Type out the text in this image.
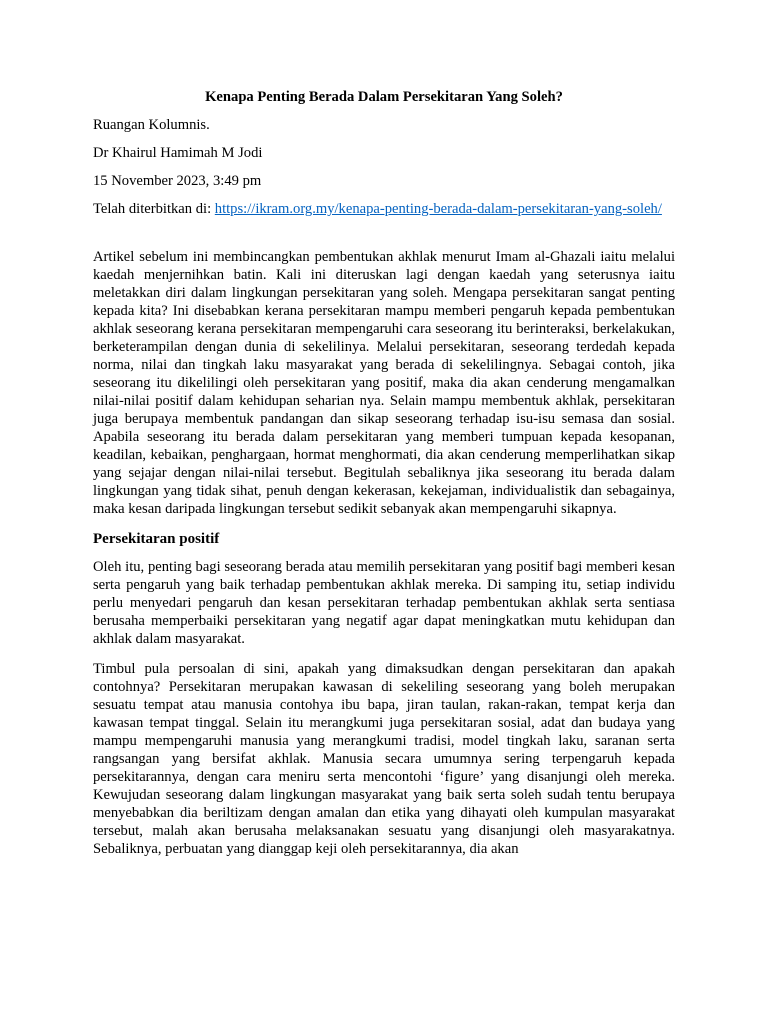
Kenapa Penting Berada Dalam Persekitaran Yang Soleh?
Ruangan Kolumnis.
Dr Khairul Hamimah M Jodi
15 November 2023, 3:49 pm
Telah diterbitkan di: https://ikram.org.my/kenapa-penting-berada-dalam-persekitaran-yang-soleh/

Artikel sebelum ini membincangkan pembentukan akhlak menurut Imam al-Ghazali iaitu melalui kaedah menjernihkan batin. Kali ini diteruskan lagi dengan kaedah yang seterusnya iaitu meletakkan diri dalam lingkungan persekitaran yang soleh. Mengapa persekitaran sangat penting kepada kita? Ini disebabkan kerana persekitaran mampu memberi pengaruh kepada pembentukan akhlak seseorang kerana persekitaran mempengaruhi cara seseorang itu berinteraksi, berkelakukan, berketerampilan dengan dunia di sekelilinya. Melalui persekitaran, seseorang terdedah kepada norma, nilai dan tingkah laku masyarakat yang berada di sekelilingnya. Sebagai contoh, jika seseorang itu dikelilingi oleh persekitaran yang positif, maka dia akan cenderung mengamalkan nilai-nilai positif dalam kehidupan seharian nya. Selain mampu membentuk akhlak, persekitaran juga berupaya membentuk pandangan dan sikap seseorang terhadap isu-isu semasa dan sosial. Apabila seseorang itu berada dalam persekitaran yang memberi tumpuan kepada kesopanan, keadilan, kebaikan, penghargaan, hormat menghormati, dia akan cenderung memperlihatkan sikap yang sejajar dengan nilai-nilai tersebut. Begitulah sebaliknya jika seseorang itu berada dalam lingkungan yang tidak sihat, penuh dengan kekerasan, kekejaman, individualistik dan sebagainya, maka kesan daripada lingkungan tersebut sedikit sebanyak akan mempengaruhi sikapnya.

Persekitaran positif

Oleh itu, penting bagi seseorang berada atau memilih persekitaran yang positif bagi memberi kesan serta pengaruh yang baik terhadap pembentukan akhlak mereka. Di samping itu, setiap individu perlu menyedari pengaruh dan kesan persekitaran terhadap pembentukan akhlak serta sentiasa berusaha memperbaiki persekitaran yang negatif agar dapat meningkatkan mutu kehidupan dan akhlak dalam masyarakat.

Timbul pula persoalan di sini, apakah yang dimaksudkan dengan persekitaran dan apakah contohnya? Persekitaran merupakan kawasan di sekeliling seseorang yang boleh merupakan sesuatu tempat atau manusia contohya ibu bapa, jiran taulan, rakan-rakan, tempat kerja dan kawasan tempat tinggal. Selain itu merangkumi juga persekitaran sosial, adat dan budaya yang mampu mempengaruhi manusia yang merangkumi tradisi, model tingkah laku, saranan serta rangsangan yang bersifat akhlak. Manusia secara umumnya sering terpengaruh kepada persekitarannya, dengan cara meniru serta mencontohi ‘figure’ yang disanjungi oleh mereka. Kewujudan seseorang dalam lingkungan masyarakat yang baik serta soleh sudah tentu berupaya menyebabkan dia beriltizam dengan amalan dan etika yang dihayati oleh kumpulan masyarakat tersebut, malah akan berusaha melaksanakan sesuatu yang disanjungi oleh masyarakatnya. Sebaliknya, perbuatan yang dianggap keji oleh persekitarannya, dia akan
